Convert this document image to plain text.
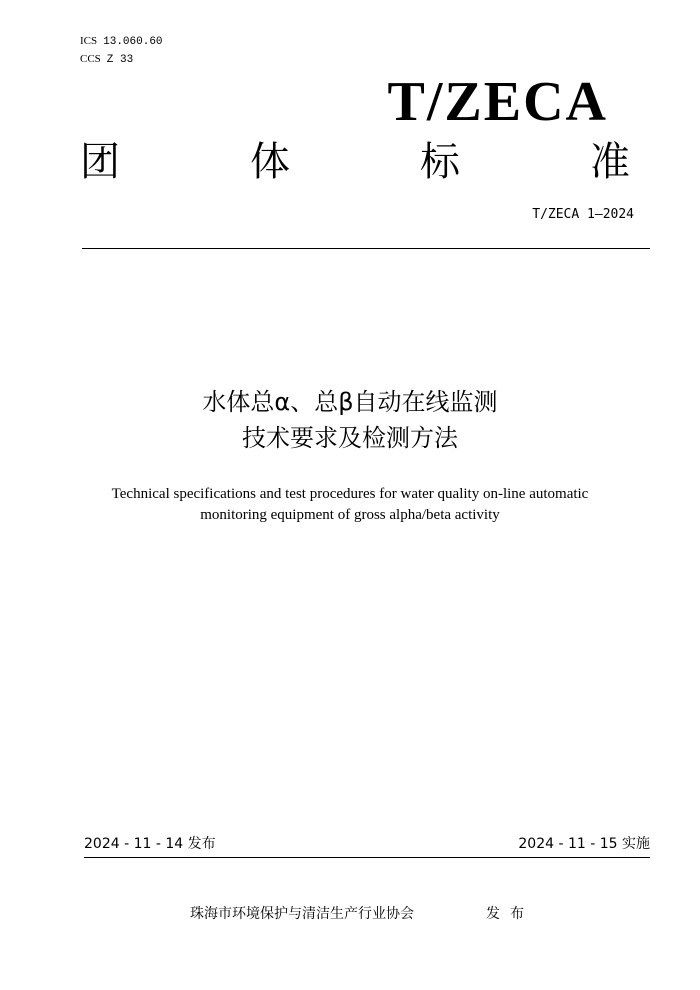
ICS 13.060.60
CCS Z 33
T/ZECA
团	体	标	准
T/ZECA 1—2024
水体总α、总β自动在线监测
技术要求及检测方法
Technical specifications and test procedures for water quality on-line automatic
monitoring equipment of gross alpha/beta activity
2024 - 11 - 14 发布	2024 - 11 - 15 实施
珠海市环境保护与清洁生产行业协会	发布
